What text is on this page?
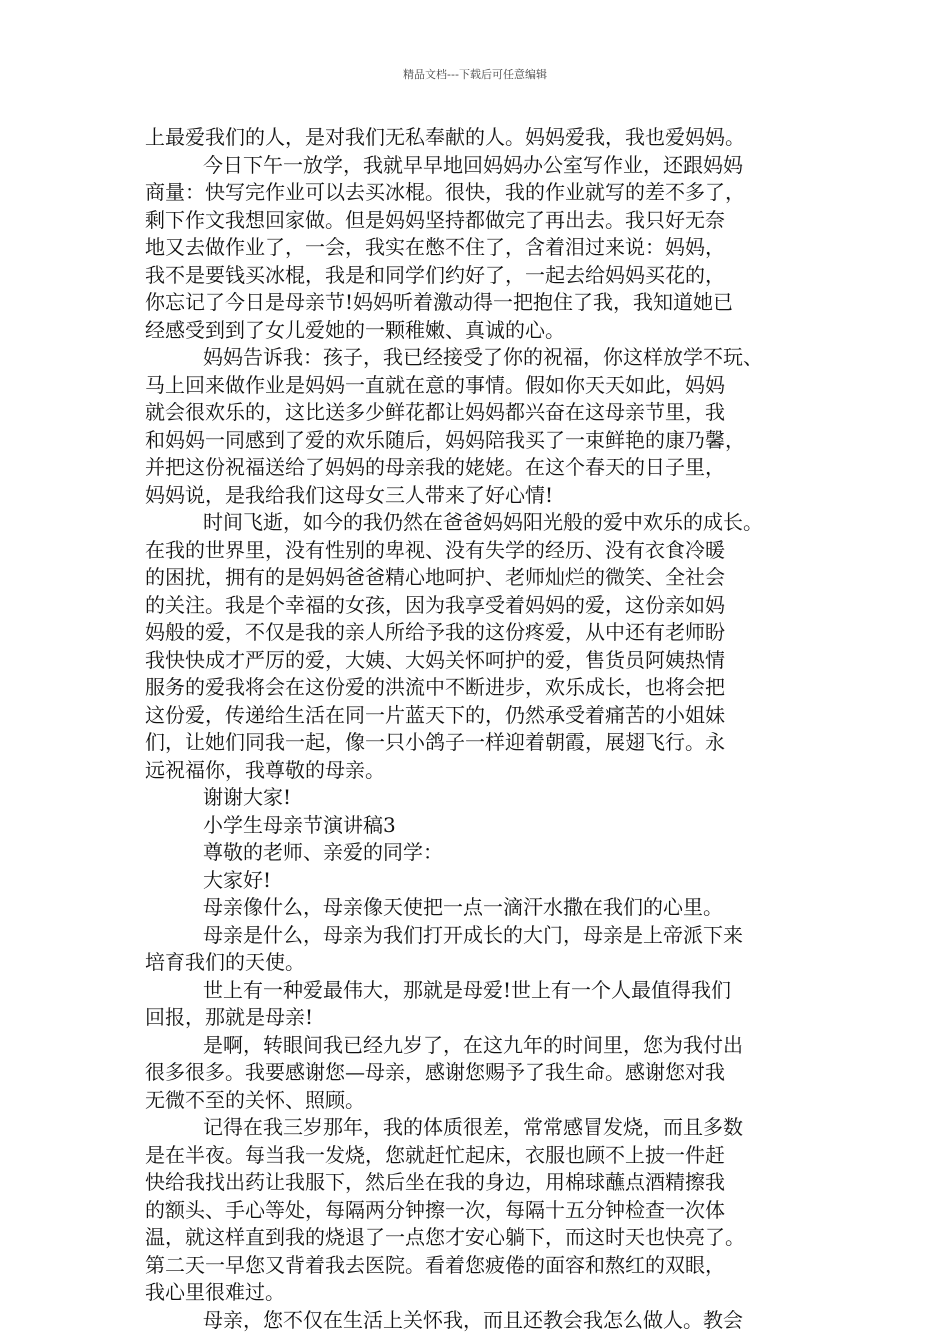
精品文档---下载后可任意编辑
上最爱我们的人，是对我们无私奉献的人。妈妈爱我，我也爱妈妈。
今日下午一放学，我就早早地回妈妈办公室写作业，还跟妈妈
商量：快写完作业可以去买冰棍。很快，我的作业就写的差不多了，
剩下作文我想回家做。但是妈妈坚持都做完了再出去。我只好无奈
地又去做作业了，一会，我实在憋不住了，含着泪过来说：妈妈，
我不是要钱买冰棍，我是和同学们约好了，一起去给妈妈买花的，
你忘记了今日是母亲节!妈妈听着激动得一把抱住了我，我知道她已
经感受到到了女儿爱她的一颗稚嫩、真诚的心。
妈妈告诉我：孩子，我已经接受了你的祝福，你这样放学不玩、
马上回来做作业是妈妈一直就在意的事情。假如你天天如此，妈妈
就会很欢乐的，这比送多少鲜花都让妈妈都兴奋在这母亲节里，我
和妈妈一同感到了爱的欢乐随后，妈妈陪我买了一束鲜艳的康乃馨，
并把这份祝福送给了妈妈的母亲我的姥姥。在这个春天的日子里，
妈妈说，是我给我们这母女三人带来了好心情!
时间飞逝，如今的我仍然在爸爸妈妈阳光般的爱中欢乐的成长。
在我的世界里，没有性别的卑视、没有失学的经历、没有衣食冷暖
的困扰，拥有的是妈妈爸爸精心地呵护、老师灿烂的微笑、全社会
的关注。我是个幸福的女孩，因为我享受着妈妈的爱，这份亲如妈
妈般的爱，不仅是我的亲人所给予我的这份疼爱，从中还有老师盼
我快快成才严厉的爱，大姨、大妈关怀呵护的爱，售货员阿姨热情
服务的爱我将会在这份爱的洪流中不断进步，欢乐成长，也将会把
这份爱，传递给生活在同一片蓝天下的，仍然承受着痛苦的小姐妹
们，让她们同我一起，像一只小鸽子一样迎着朝霞，展翅飞行。永
远祝福你，我尊敬的母亲。
谢谢大家!
小学生母亲节演讲稿3
尊敬的老师、亲爱的同学：
大家好!
母亲像什么，母亲像天使把一点一滴汗水撒在我们的心里。
母亲是什么，母亲为我们打开成长的大门，母亲是上帝派下来
培育我们的天使。
世上有一种爱最伟大，那就是母爱!世上有一个人最值得我们
回报，那就是母亲!
是啊，转眼间我已经九岁了，在这九年的时间里，您为我付出
很多很多。我要感谢您—母亲，感谢您赐予了我生命。感谢您对我
无微不至的关怀、照顾。
记得在我三岁那年，我的体质很差，常常感冒发烧，而且多数
是在半夜。每当我一发烧，您就赶忙起床，衣服也顾不上披一件赶
快给我找出药让我服下，然后坐在我的身边，用棉球蘸点酒精擦我
的额头、手心等处，每隔两分钟擦一次，每隔十五分钟检查一次体
温，就这样直到我的烧退了一点您才安心躺下，而这时天也快亮了。
第二天一早您又背着我去医院。看着您疲倦的面容和熬红的双眼，
我心里很难过。
母亲，您不仅在生活上关怀我，而且还教会我怎么做人。教会
